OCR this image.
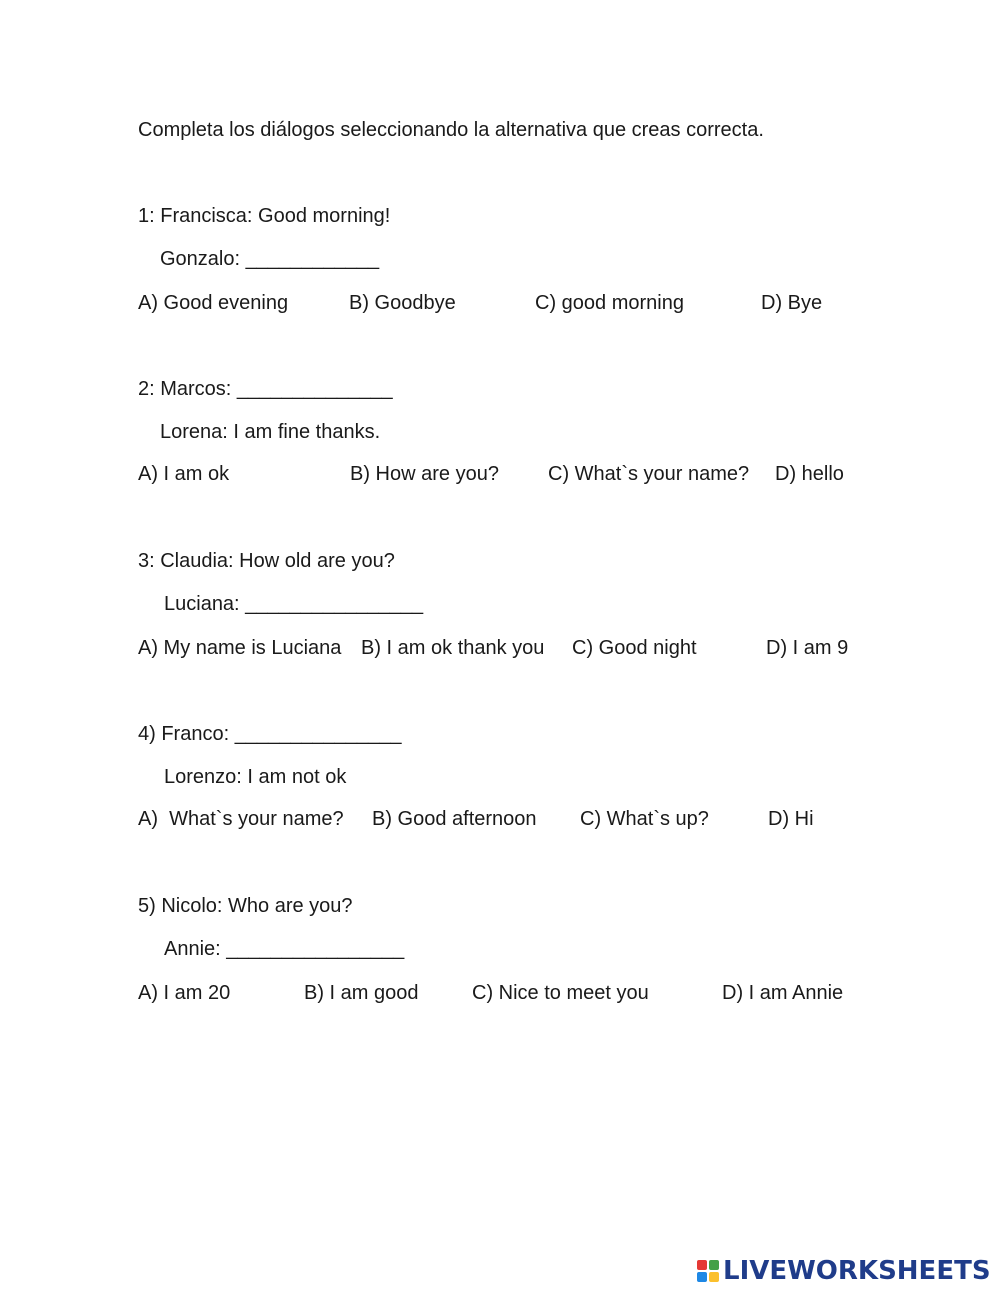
Completa los diálogos seleccionando la alternativa que creas correcta.
1: Francisca: Good morning!
Gonzalo: ____________
A) Good evening	B) Goodbye	C) good morning	D) Bye
2: Marcos: ______________
Lorena: I am fine thanks.
A) I am ok	B) How are you? C) What`s your name? D) hello
3: Claudia: How old are you?
Luciana: ________________
A) My name is Luciana B) I am ok thank you C) Good night	D) I am 9
4) Franco: _______________
Lorenzo: I am not ok
A)  What`s your name? B) Good afternoon C) What`s up?	D) Hi
5) Nicolo: Who are you?
Annie: ________________
A) I am 20	B) I am good	C) Nice to meet you	D) I am Annie
LIVEWORKSHEETS
